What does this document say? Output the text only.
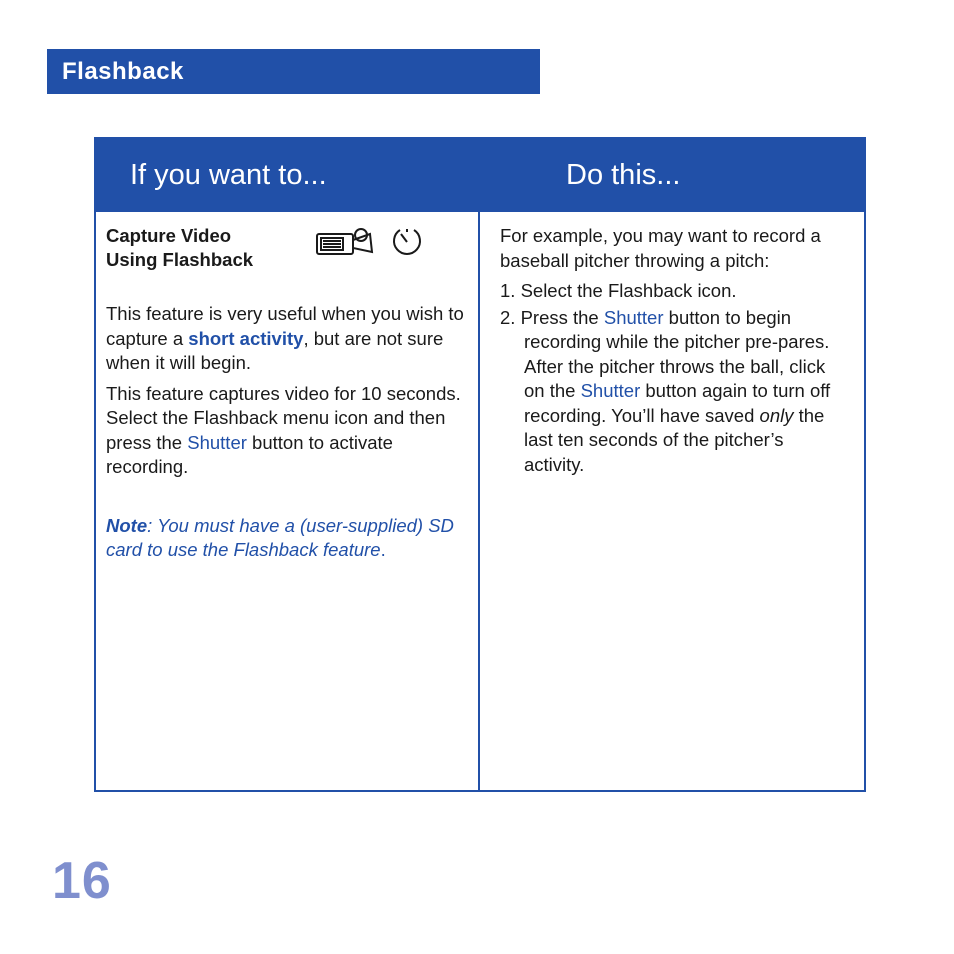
Flashback
If you want to...	Do this...
Capture Video
Using Flashback

This feature is very useful when you wish to capture a short activity, but are not sure when it will begin.

This feature captures video for 10 seconds. Select the Flashback menu icon and then press the Shutter button to activate recording.

Note: You must have a (user-supplied) SD card to use the Flashback feature.

For example, you may want to record a baseball pitcher throwing a pitch:

1. Select the Flashback icon.
2. Press the Shutter button to begin recording while the pitcher pre-pares. After the pitcher throws the ball, click on the Shutter button again to turn off recording. You’ll have saved only the last ten seconds of the pitcher’s activity.
16
